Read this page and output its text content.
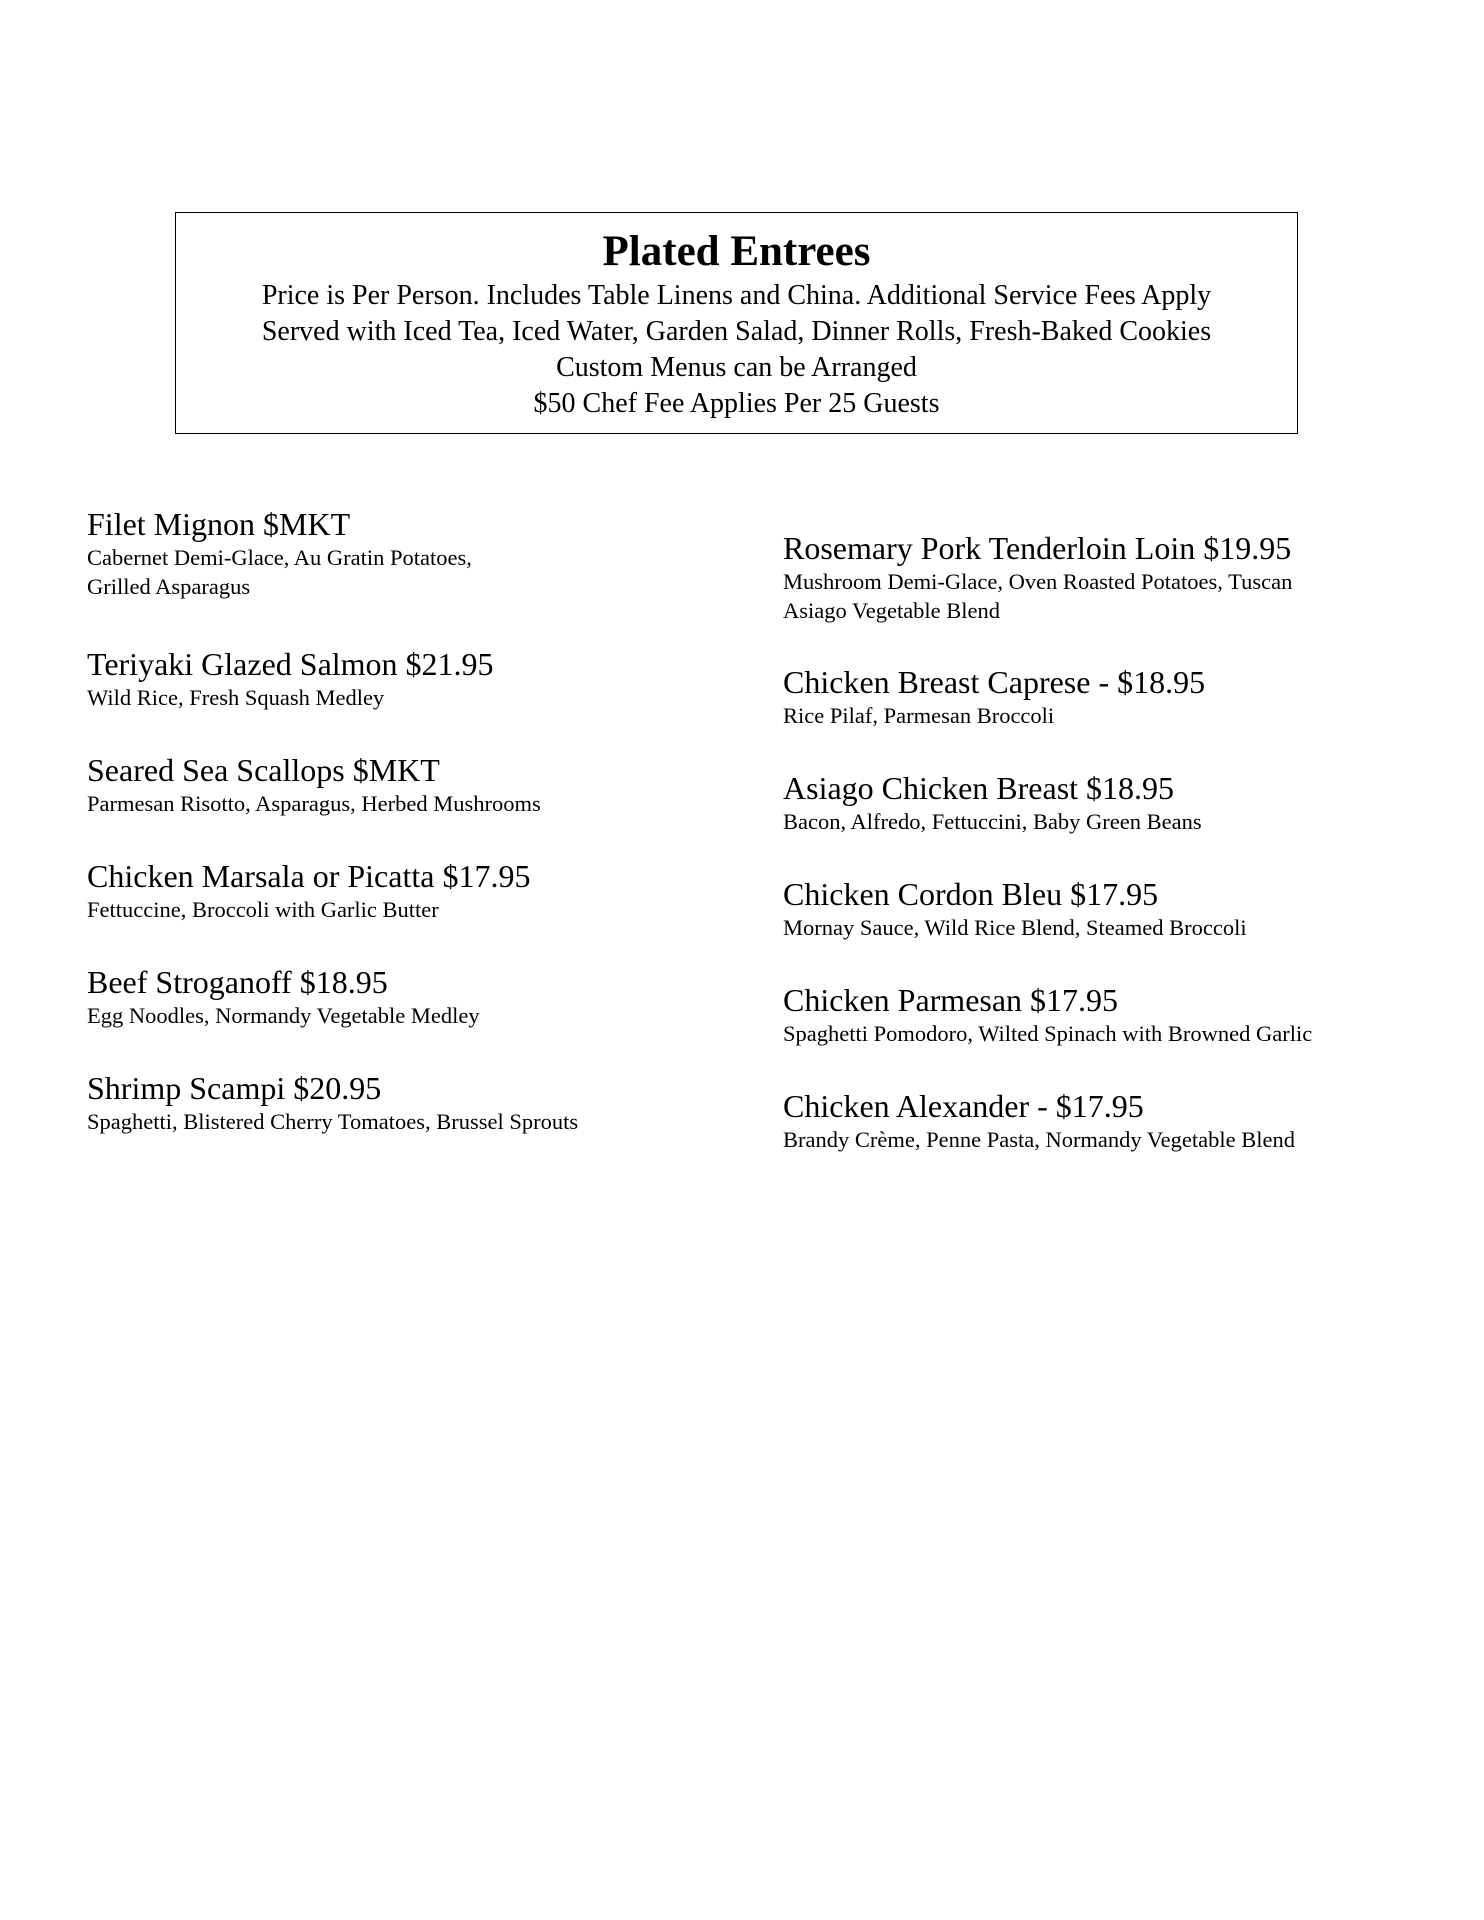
Plated Entrees

Price is Per Person. Includes Table Linens and China. Additional Service Fees Apply

Served with Iced Tea, Iced Water, Garden Salad, Dinner Rolls, Fresh-Baked Cookies

Custom Menus can be Arranged

$50 Chef Fee Applies Per 25 Guests

Filet Mignon $MKT

Cabernet Demi-Glace, Au Gratin Potatoes,

Grilled Asparagus

Teriyaki Glazed Salmon $21.95

Wild Rice, Fresh Squash Medley

Seared Sea Scallops $MKT

Parmesan Risotto, Asparagus, Herbed Mushrooms

Chicken Marsala or Picatta $17.95

Fettuccine, Broccoli with Garlic Butter

Beef Stroganoff $18.95

Egg Noodles, Normandy Vegetable Medley

Shrimp Scampi $20.95

Spaghetti, Blistered Cherry Tomatoes, Brussel Sprouts

Rosemary Pork Tenderloin Loin $19.95

Mushroom Demi-Glace, Oven Roasted Potatoes, Tuscan

Asiago Vegetable Blend

Chicken Breast Caprese - $18.95

Rice Pilaf, Parmesan Broccoli

Asiago Chicken Breast $18.95

Bacon, Alfredo, Fettuccini, Baby Green Beans

Chicken Cordon Bleu $17.95

Mornay Sauce, Wild Rice Blend, Steamed Broccoli

Chicken Parmesan $17.95

Spaghetti Pomodoro, Wilted Spinach with Browned Garlic

Chicken Alexander - $17.95

Brandy Crème, Penne Pasta, Normandy Vegetable Blend
